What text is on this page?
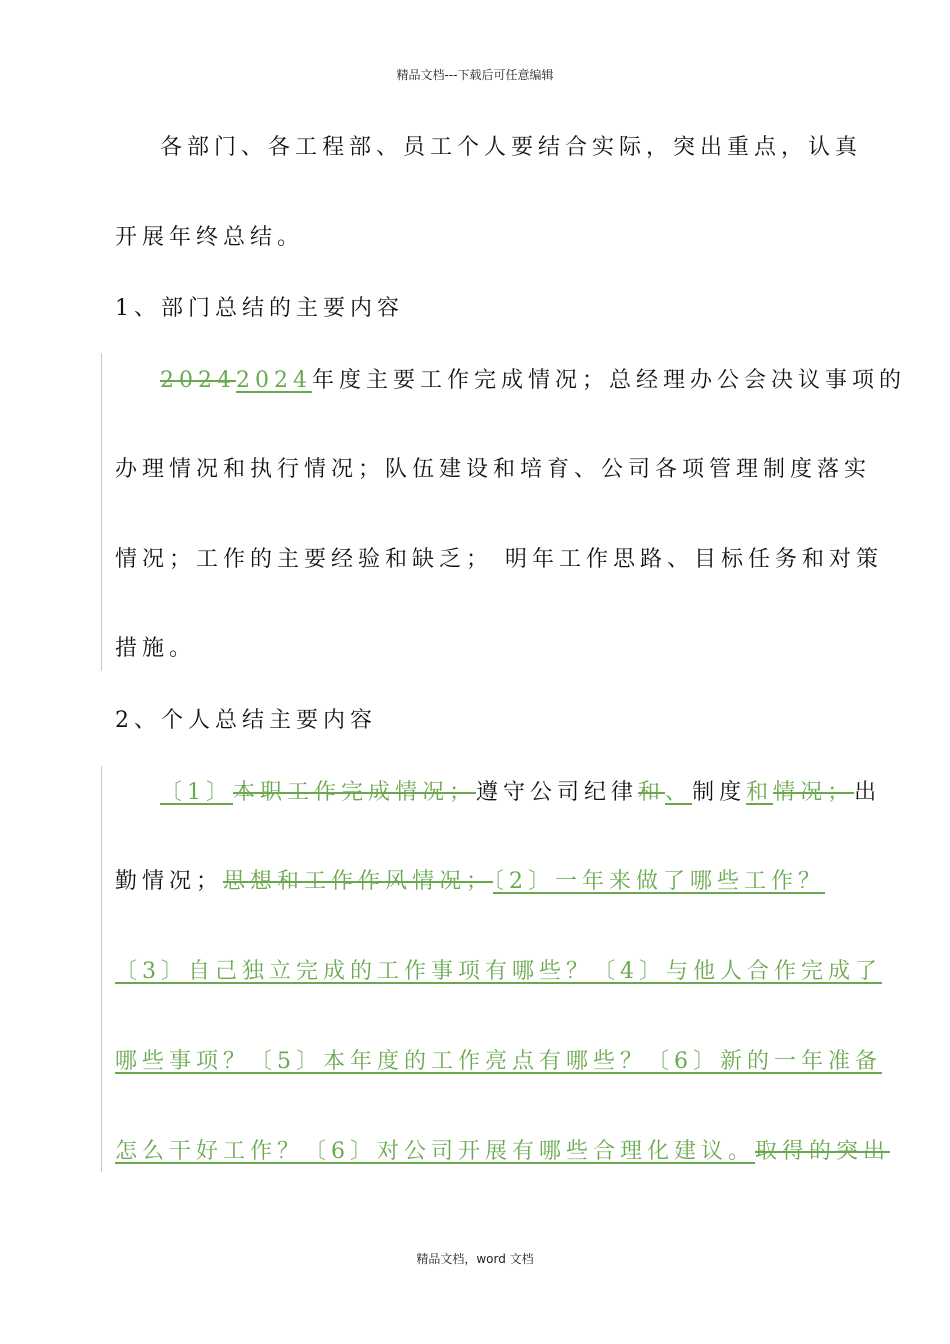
精品文档---下载后可任意编辑
各部门、各工程部、员工个人要结合实际，突出重点，认真
开展年终总结。
1、部门总结的主要内容
20242024年度主要工作完成情况；总经理办公会决议事项的
办理情况和执行情况；队伍建设和培育、公司各项管理制度落实
情况；工作的主要经验和缺乏； 明年工作思路、目标任务和对策
措施。
2、个人总结主要内容
〔1〕本职工作完成情况；遵守公司纪律和、制度和情况；出
勤情况；思想和工作作风情况；〔2〕一年来做了哪些工作？
〔3〕自己独立完成的工作事项有哪些？〔4〕与他人合作完成了
哪些事项？〔5〕本年度的工作亮点有哪些？〔6〕新的一年准备
怎么干好工作？〔6〕对公司开展有哪些合理化建议。取得的突出
精品文档，word 文档
